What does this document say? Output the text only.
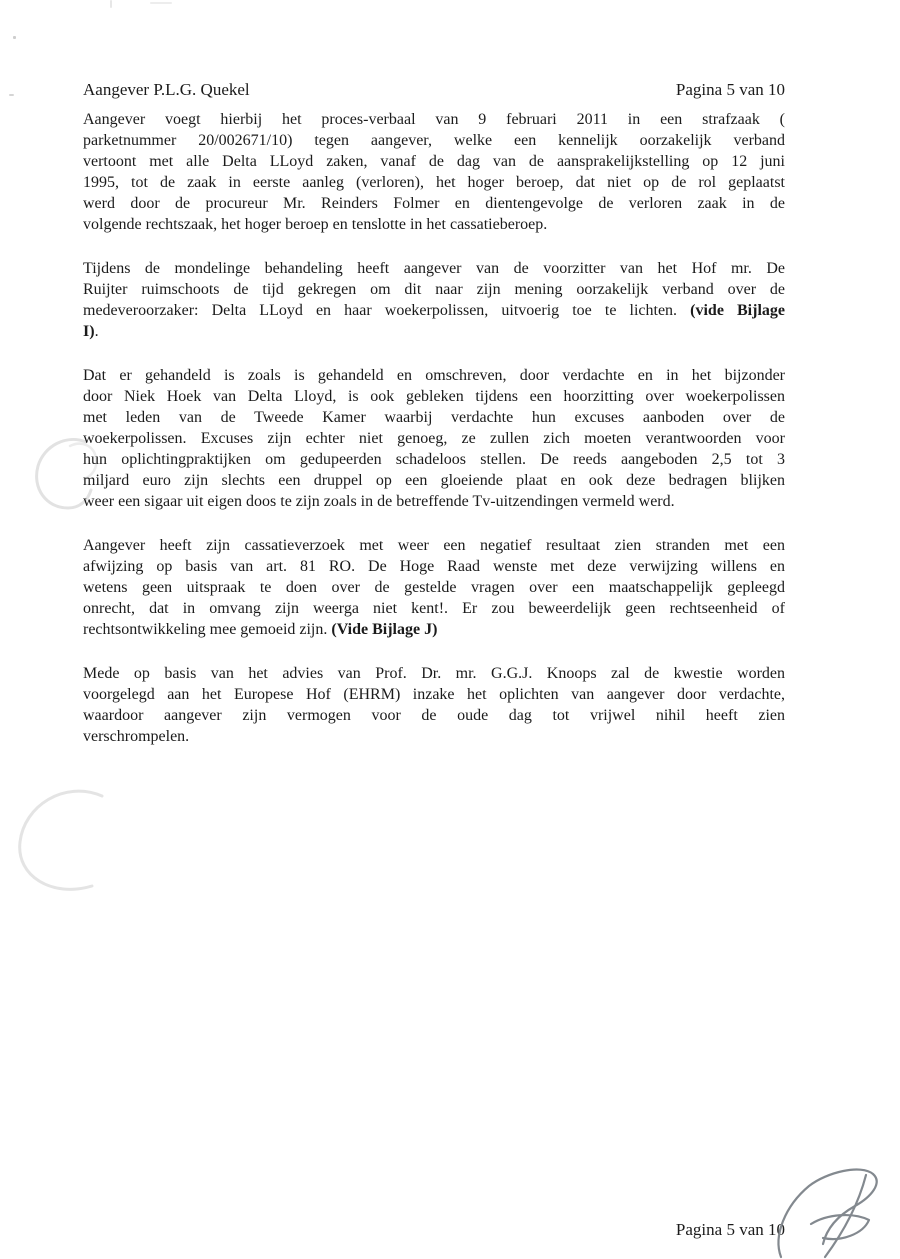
Aangever P.L.G. Quekel	Pagina 5 van 10
Aangever voegt hierbij het proces-verbaal van 9 februari 2011 in een strafzaak (
parketnummer 20/002671/10) tegen aangever, welke een kennelijk oorzakelijk verband
vertoont met alle Delta LLoyd zaken, vanaf de dag van de aansprakelijkstelling op 12 juni
1995, tot de zaak in eerste aanleg (verloren), het hoger beroep, dat niet op de rol geplaatst
werd door de procureur Mr. Reinders Folmer en dientengevolge de verloren zaak in de
volgende rechtszaak, het hoger beroep en tenslotte in het cassatieberoep.
Tijdens de mondelinge behandeling heeft aangever van de voorzitter van het Hof mr. De
Ruijter ruimschoots de tijd gekregen om dit naar zijn mening oorzakelijk verband over de
medeveroorzaker: Delta LLoyd en haar woekerpolissen, uitvoerig toe te lichten. (vide Bijlage
I).
Dat er gehandeld is zoals is gehandeld en omschreven, door verdachte en in het bijzonder
door Niek Hoek van Delta Lloyd, is ook gebleken tijdens een hoorzitting over woekerpolissen
met leden van de Tweede Kamer waarbij verdachte hun excuses aanboden over de
woekerpolissen. Excuses zijn echter niet genoeg, ze zullen zich moeten verantwoorden voor
hun oplichtingpraktijken om gedupeerden schadeloos stellen. De reeds aangeboden 2,5 tot 3
miljard euro zijn slechts een druppel op een gloeiende plaat en ook deze bedragen blijken
weer een sigaar uit eigen doos te zijn zoals in de betreffende Tv-uitzendingen vermeld werd.
Aangever heeft zijn cassatieverzoek met weer een negatief resultaat zien stranden met een
afwijzing op basis van art. 81 RO. De Hoge Raad wenste met deze verwijzing willens en
wetens geen uitspraak te doen over de gestelde vragen over een maatschappelijk gepleegd
onrecht, dat in omvang zijn weerga niet kent!. Er zou beweerdelijk geen rechtseenheid of
rechtsontwikkeling mee gemoeid zijn. (Vide Bijlage J)
Mede op basis van het advies van Prof. Dr. mr. G.G.J. Knoops zal de kwestie worden
voorgelegd aan het Europese Hof (EHRM) inzake het oplichten van aangever door verdachte,
waardoor aangever zijn vermogen voor de oude dag tot vrijwel nihil heeft zien
verschrompelen.
Pagina 5 van 10
